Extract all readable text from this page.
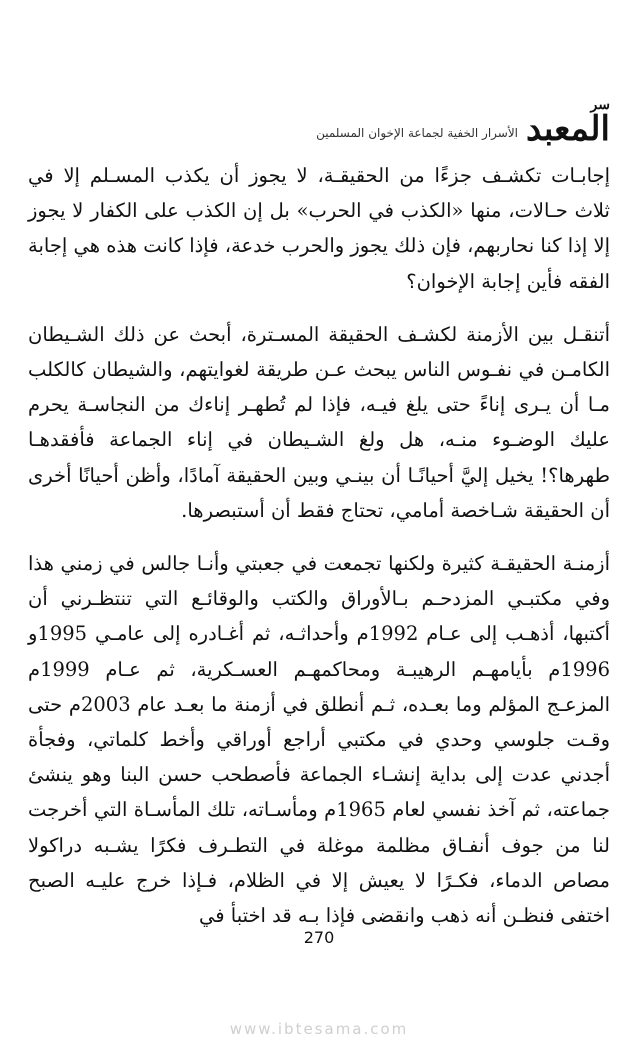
سر
المعبد
الأسرار الخفية لجماعة الإخوان المسلمين

إجابـات تكشـف جزءًا من الحقيقـة، لا يجوز أن يكذب المسـلم إلا في ثلاث حـالات، منها «الكذب في الحرب» بل إن الكذب على الكفار لا يجوز إلا إذا كنا نحاربهم، فإن ذلك يجوز والحرب خدعة، فإذا كانت هذه هي إجابة الفقه فأين إجابة الإخوان؟

أتنقـل بين الأزمنة لكشـف الحقيقة المسـترة، أبحث عن ذلك الشـيطان الكامـن في نفـوس الناس يبحث عـن طريقة لغوايتهم، والشيطان كالكلب مـا أن يـرى إناءً حتى يلغ فيـه، فإذا لم تُطهـر إناءك من النجاسـة يحرم عليك الوضـوء منـه، هل ولغ الشـيطان في إناء الجماعة فأفقدهـا طهرها؟! يخيل إليَّ أحيانًـا أن بينـي وبين الحقيقة آمادًا، وأظن أحيانًا أخرى أن الحقيقة شـاخصة أمامي، تحتاج فقط أن أستبصرها.

أزمنـة الحقيقـة كثيرة ولكنها تجمعت في جعبتي وأنـا جالس في زمني هذا وفي مكتبـي المزدحـم بـالأوراق والكتب والوقائـع التي تنتظـرني أن أكتبها، أذهـب إلى عـام 1992م وأحداثـه، ثم أغـادره إلى عامـي 1995و 1996م بأيامهـم الرهيبـة ومحاكمهـم العسـكرية، ثم عـام 1999م المزعـج المؤلم وما بعـده، ثـم أنطلق في أزمنة ما بعـد عام 2003م حتى وقـت جلوسي وحدي في مكتبي أراجع أوراقي وأخط كلماتي، وفجأة أجدني عدت إلى بداية إنشـاء الجماعة فأصطحب حسن البنا وهو ينشئ جماعته، ثم آخذ نفسي لعام 1965م ومأسـاته، تلك المأسـاة التي أخرجت لنا من جوف أنفـاق مظلمة موغلة في التطـرف فكرًا يشـبه دراكولا مصاص الدماء، فكـرًا لا يعيش إلا في الظلام، فـإذا خرج عليـه الصبح اختفى فنظـن أنه ذهب وانقضى فإذا بـه قد اختبأ في

270
www.ibtesama.com
